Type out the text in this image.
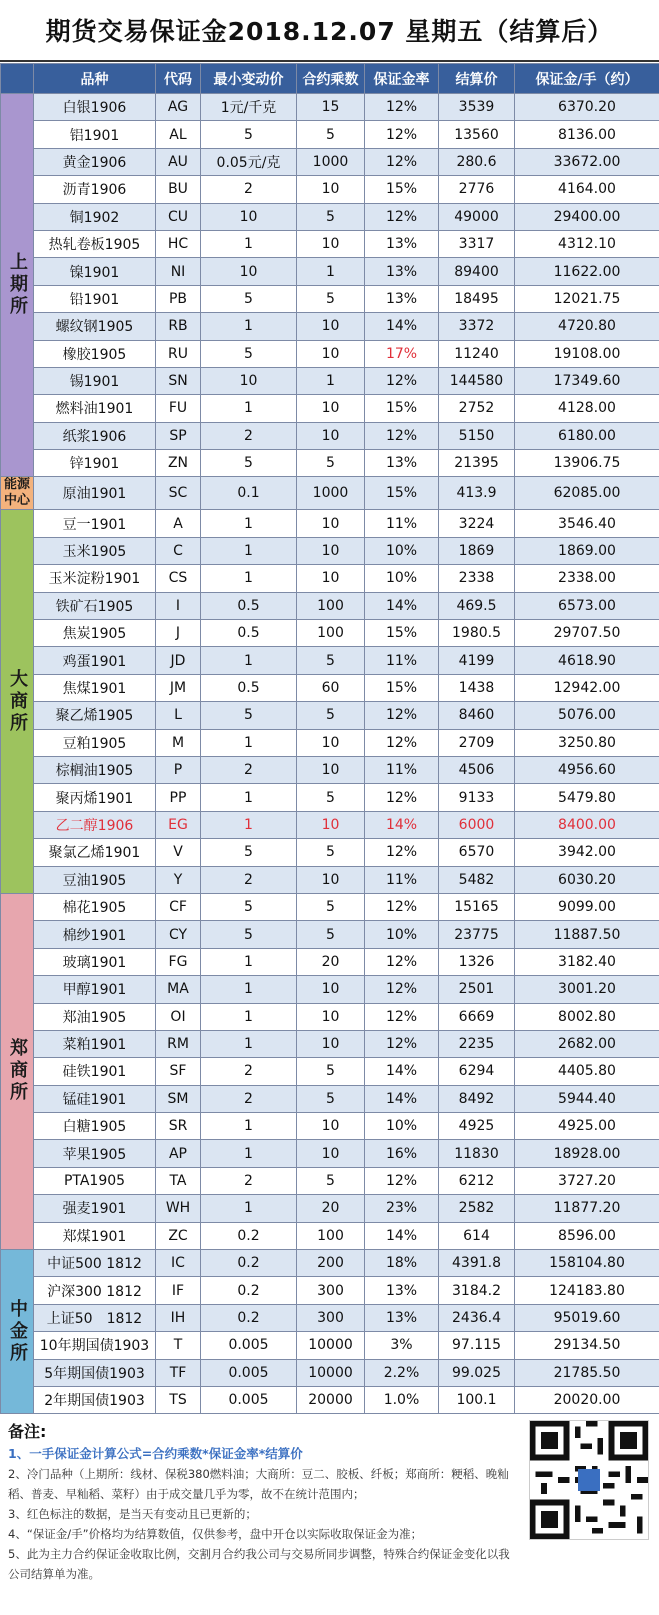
期货交易保证金2018.12.07 星期五（结算后）
	品种	代码	最小变动价	合约乘数	保证金率	结算价	保证金/手（约）
上期所	白银1906	AG	1元/千克	15	12%	3539	6370.20
	铝1901	AL	5	5	12%	13560	8136.00
	黄金1906	AU	0.05元/克	1000	12%	280.6	33672.00
	沥青1906	BU	2	10	15%	2776	4164.00
	铜1902	CU	10	5	12%	49000	29400.00
	热轧卷板1905	HC	1	10	13%	3317	4312.10
	镍1901	NI	10	1	13%	89400	11622.00
	铅1901	PB	5	5	13%	18495	12021.75
	螺纹钢1905	RB	1	10	14%	3372	4720.80
	橡胶1905	RU	5	10	17%	11240	19108.00
	锡1901	SN	10	1	12%	144580	17349.60
	燃料油1901	FU	1	10	15%	2752	4128.00
	纸浆1906	SP	2	10	12%	5150	6180.00
	锌1901	ZN	5	5	13%	21395	13906.75
能源中心	原油1901	SC	0.1	1000	15%	413.9	62085.00
大商所	豆一1901	A	1	10	11%	3224	3546.40
	玉米1905	C	1	10	10%	1869	1869.00
	玉米淀粉1901	CS	1	10	10%	2338	2338.00
	铁矿石1905	I	0.5	100	14%	469.5	6573.00
	焦炭1905	J	0.5	100	15%	1980.5	29707.50
	鸡蛋1901	JD	1	5	11%	4199	4618.90
	焦煤1901	JM	0.5	60	15%	1438	12942.00
	聚乙烯1905	L	5	5	12%	8460	5076.00
	豆粕1905	M	1	10	12%	2709	3250.80
	棕榈油1905	P	2	10	11%	4506	4956.60
	聚丙烯1901	PP	1	5	12%	9133	5479.80
	乙二醇1906	EG	1	10	14%	6000	8400.00
	聚氯乙烯1901	V	5	5	12%	6570	3942.00
	豆油1905	Y	2	10	11%	5482	6030.20
郑商所	棉花1905	CF	5	5	12%	15165	9099.00
	棉纱1901	CY	5	5	10%	23775	11887.50
	玻璃1901	FG	1	20	12%	1326	3182.40
	甲醇1901	MA	1	10	12%	2501	3001.20
	郑油1905	OI	1	10	12%	6669	8002.80
	菜粕1901	RM	1	10	12%	2235	2682.00
	硅铁1901	SF	2	5	14%	6294	4405.80
	锰硅1901	SM	2	5	14%	8492	5944.40
	白糖1905	SR	1	10	10%	4925	4925.00
	苹果1905	AP	1	10	16%	11830	18928.00
	PTA1905	TA	2	5	12%	6212	3727.20
	强麦1901	WH	1	20	23%	2582	11877.20
	郑煤1901	ZC	0.2	100	14%	614	8596.00
中金所	中证500 1812	IC	0.2	200	18%	4391.8	158104.80
	沪深300 1812	IF	0.2	300	13%	3184.2	124183.80
	上证50　1812	IH	0.2	300	13%	2436.4	95019.60
	10年期国债1903	T	0.005	10000	3%	97.115	29134.50
	5年期国债1903	TF	0.005	10000	2.2%	99.025	21785.50
	2年期国债1903	TS	0.005	20000	1.0%	100.1	20020.00
备注:
1、一手保证金计算公式=合约乘数*保证金率*结算价
2、冷门品种（上期所：线材、保税380燃料油；大商所：豆二、胶板、纤板；郑商所：粳稻、晚籼稻、普麦、早籼稻、菜籽）由于成交量几乎为零，故不在统计范围内；
3、红色标注的数据，是当天有变动且已更新的；
4、“保证金/手”价格均为结算数值，仅供参考，盘中开仓以实际收取保证金为准；
5、此为主力合约保证金收取比例，交割月合约我公司与交易所同步调整，特殊合约保证金变化以我公司结算单为准。
